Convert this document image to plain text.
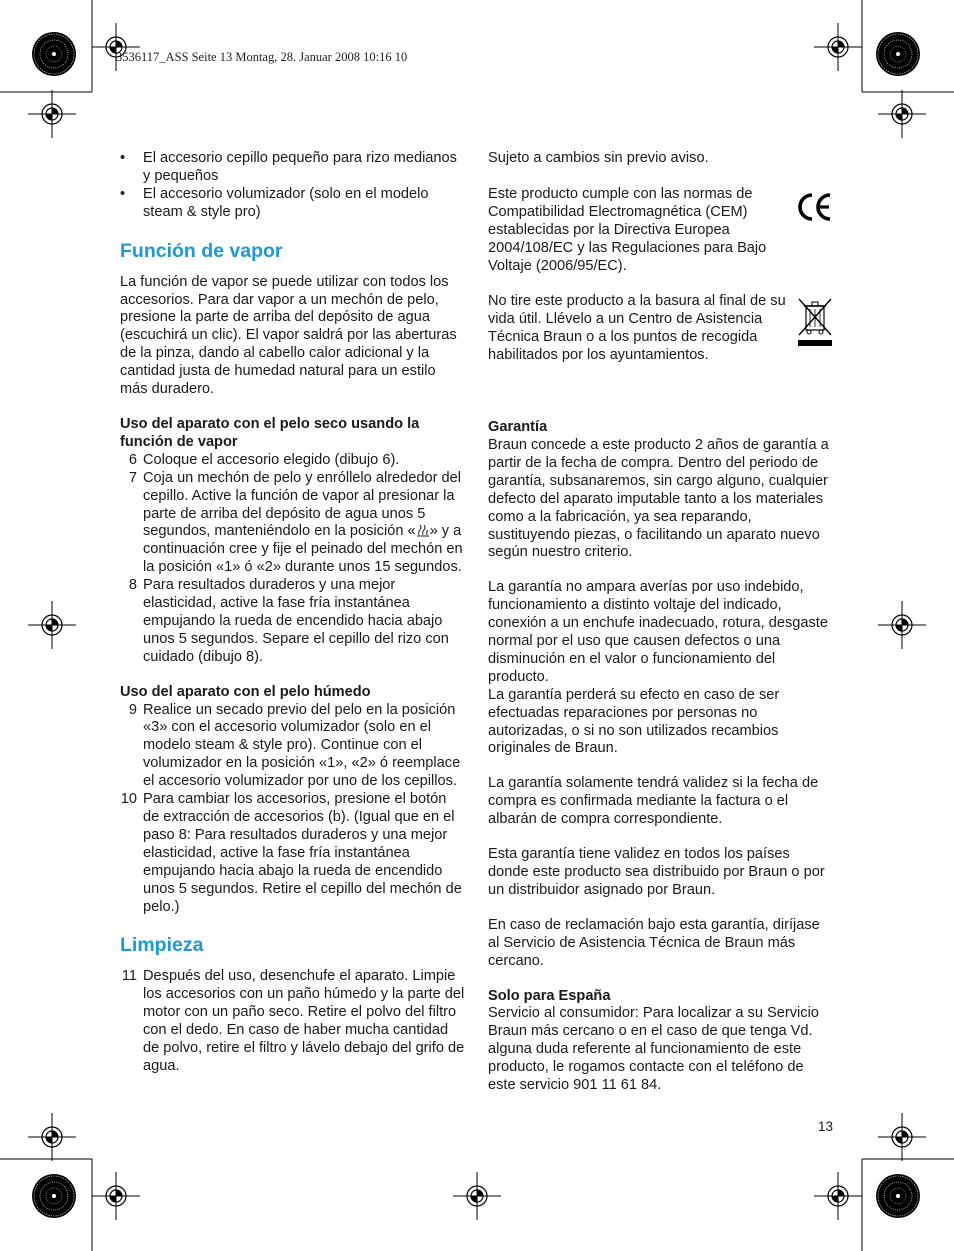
3536117_ASS Seite 13 Montag, 28. Januar 2008 10:16 10
• El accesorio cepillo pequeño para rizo medianos y pequeños
• El accesorio volumizador (solo en el modelo steam & style pro)
Función de vapor

La función de vapor se puede utilizar con todos los accesorios. Para dar vapor a un mechón de pelo, presione la parte de arriba del depósito de agua (escuchirá un clic). El vapor saldrá por las aberturas de la pinza, dando al cabello calor adicional y la cantidad justa de humedad natural para un estilo más duradero.

Uso del aparato con el pelo seco usando la función de vapor

6 Coloque el accesorio elegido (dibujo 6).
7 Coja un mechón de pelo y enróllelo alrededor del cepillo. Active la función de vapor al presionar la parte de arriba del depósito de agua unos 5 segundos, manteniéndolo en la posición « » y a continuación cree y fije el peinado del mechón en la posición «1» ó «2» durante unos 15 segundos.
8 Para resultados duraderos y una mejor elasticidad, active la fase fría instantánea empujando la rueda de encendido hacia abajo unos 5 segundos. Separe el cepillo del rizo con cuidado (dibujo 8).

Uso del aparato con el pelo húmedo

9 Realice un secado previo del pelo en la posición «3» con el accesorio volumizador (solo en el modelo steam & style pro). Continue con el volumizador en la posición «1», «2» ó reemplace el accesorio volumizador por uno de los cepillos.
10 Para cambiar los accesorios, presione el botón de extracción de accesorios (b). (Igual que en el paso 8: Para resultados duraderos y una mejor elasticidad, active la fase fría instantánea empujando hacia abajo la rueda de encendido unos 5 segundos. Retire el cepillo del mechón de pelo.)
Limpieza
11 Después del uso, desenchufe el aparato. Limpie los accesorios con un paño húmedo y la parte del motor con un paño seco. Retire el polvo del filtro con el dedo. En caso de haber mucha cantidad de polvo, retire el filtro y lávelo debajo del grifo de agua.

Sujeto a cambios sin previo aviso.

Este producto cumple con las normas de Compatibilidad Electromagnética (CEM) establecidas por la Directiva Europea 2004/108/EC y las Regulaciones para Bajo Voltaje (2006/95/EC).

No tire este producto a la basura al final de su vida útil. Llévelo a un Centro de Asistencia Técnica Braun o a los puntos de recogida habilitados por los ayuntamientos.

Garantía

Braun concede a este producto 2 años de garantía a partir de la fecha de compra. Dentro del periodo de garantía, subsanaremos, sin cargo alguno, cualquier defecto del aparato imputable tanto a los materiales como a la fabricación, ya sea reparando, sustituyendo piezas, o facilitando un aparato nuevo según nuestro criterio.

La garantía no ampara averías por uso indebido, funcionamiento a distinto voltaje del indicado, conexión a un enchufe inadecuado, rotura, desgaste normal por el uso que causen defectos o una disminución en el valor o funcionamiento del producto.

La garantía perderá su efecto en caso de ser efectuadas reparaciones por personas no autorizadas, o si no son utilizados recambios originales de Braun.

La garantía solamente tendrá validez si la fecha de compra es confirmada mediante la factura o el albarán de compra correspondiente.

Esta garantía tiene validez en todos los países donde este producto sea distribuido por Braun o por un distribuidor asignado por Braun.

En caso de reclamación bajo esta garantía, diríjase al Servicio de Asistencia Técnica de Braun más cercano.

Solo para España

Servicio al consumidor: Para localizar a su Servicio Braun más cercano o en el caso de que tenga Vd. alguna duda referente al funcionamiento de este producto, le rogamos contacte con el teléfono de este servicio 901 11 61 84.

13
